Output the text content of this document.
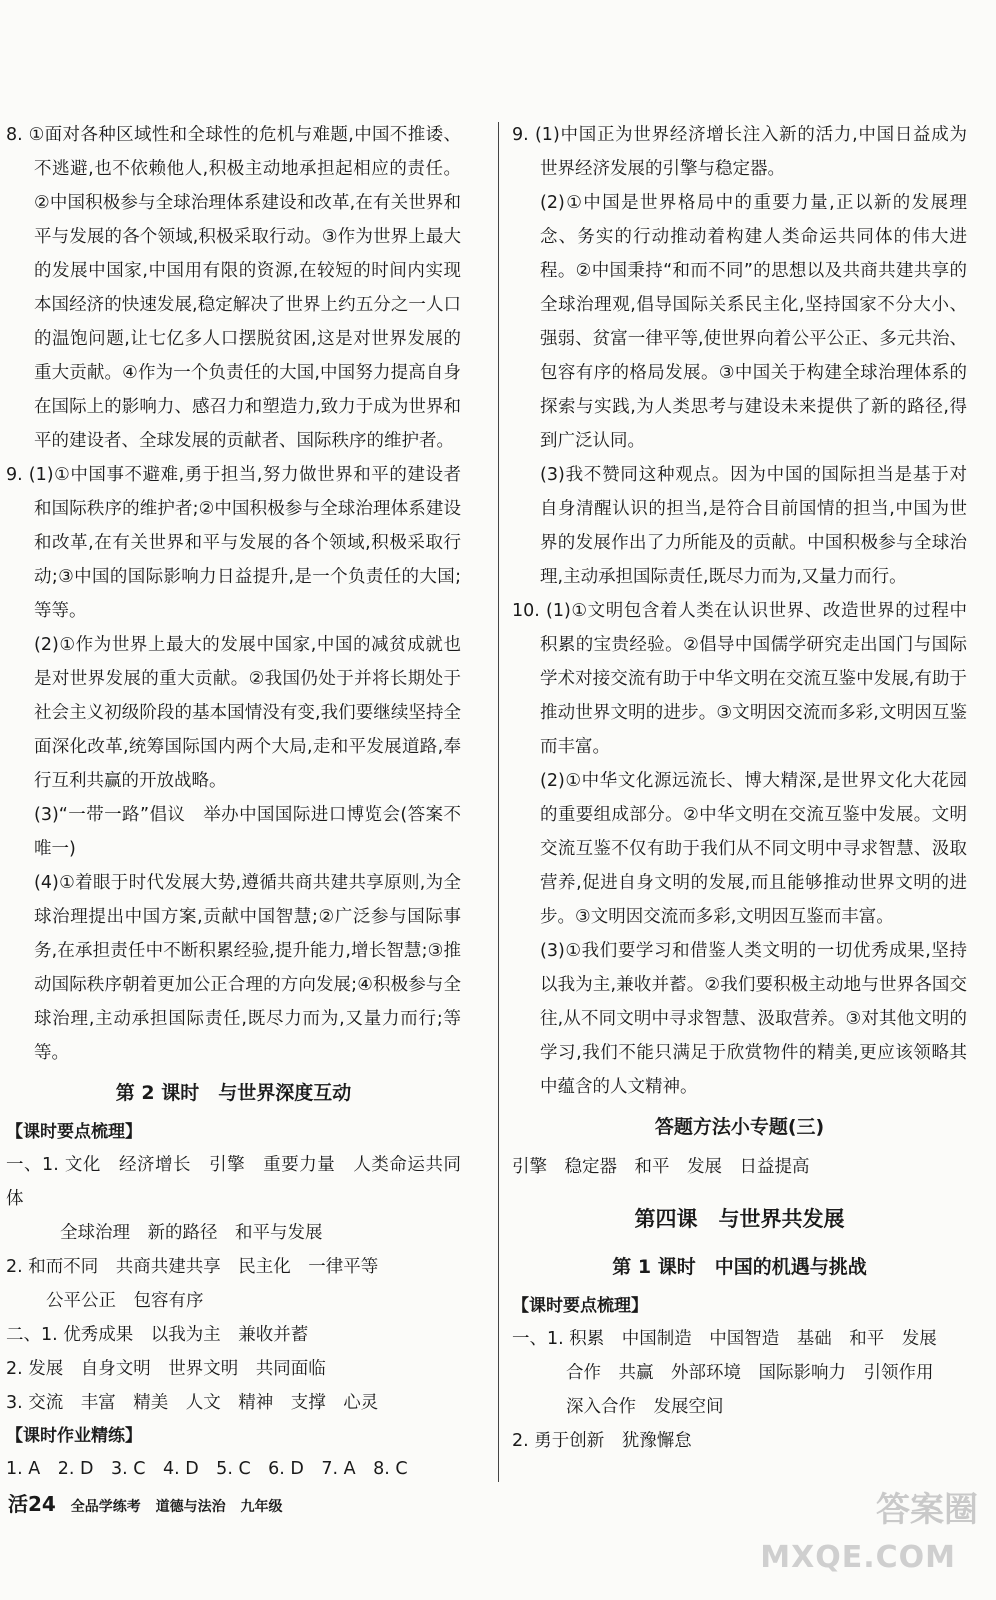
8. ①面对各种区域性和全球性的危机与难题,中国不推诿、不逃避,也不依赖他人,积极主动地承担起相应的责任。②中国积极参与全球治理体系建设和改革,在有关世界和平与发展的各个领域,积极采取行动。③作为世界上最大的发展中国家,中国用有限的资源,在较短的时间内实现本国经济的快速发展,稳定解决了世界上约五分之一人口的温饱问题,让七亿多人口摆脱贫困,这是对世界发展的重大贡献。④作为一个负责任的大国,中国努力提高自身在国际上的影响力、感召力和塑造力,致力于成为世界和平的建设者、全球发展的贡献者、国际秩序的维护者。

9. (1)①中国事不避难,勇于担当,努力做世界和平的建设者和国际秩序的维护者;②中国积极参与全球治理体系建设和改革,在有关世界和平与发展的各个领域,积极采取行动;③中国的国际影响力日益提升,是一个负责任的大国;等等。

(2)①作为世界上最大的发展中国家,中国的减贫成就也是对世界发展的重大贡献。②我国仍处于并将长期处于社会主义初级阶段的基本国情没有变,我们要继续坚持全面深化改革,统筹国际国内两个大局,走和平发展道路,奉行互利共赢的开放战略。

(3)“一带一路”倡议　举办中国国际进口博览会(答案不唯一)

(4)①着眼于时代发展大势,遵循共商共建共享原则,为全球治理提出中国方案,贡献中国智慧;②广泛参与国际事务,在承担责任中不断积累经验,提升能力,增长智慧;③推动国际秩序朝着更加公正合理的方向发展;④积极参与全球治理,主动承担国际责任,既尽力而为,又量力而行;等等。

第 2 课时　与世界深度互动
【课时要点梳理】

一、1. 文化　经济增长　引擎　重要力量　人类命运共同体

全球治理　新的路径　和平与发展

2. 和而不同　共商共建共享　民主化　一律平等

公平公正　包容有序

二、1. 优秀成果　以我为主　兼收并蓄

2. 发展　自身文明　世界文明　共同面临

3. 交流　丰富　精美　人文　精神　支撑　心灵

【课时作业精练】

1. A　2. D　3. C　4. D　5. C　6. D　7. A　8. C

9. (1)中国正为世界经济增长注入新的活力,中国日益成为世界经济发展的引擎与稳定器。

(2)①中国是世界格局中的重要力量,正以新的发展理念、务实的行动推动着构建人类命运共同体的伟大进程。②中国秉持“和而不同”的思想以及共商共建共享的全球治理观,倡导国际关系民主化,坚持国家不分大小、强弱、贫富一律平等,使世界向着公平公正、多元共治、包容有序的格局发展。③中国关于构建全球治理体系的探索与实践,为人类思考与建设未来提供了新的路径,得到广泛认同。

(3)我不赞同这种观点。因为中国的国际担当是基于对自身清醒认识的担当,是符合目前国情的担当,中国为世界的发展作出了力所能及的贡献。中国积极参与全球治理,主动承担国际责任,既尽力而为,又量力而行。

10. (1)①文明包含着人类在认识世界、改造世界的过程中积累的宝贵经验。②倡导中国儒学研究走出国门与国际学术对接交流有助于中华文明在交流互鉴中发展,有助于推动世界文明的进步。③文明因交流而多彩,文明因互鉴而丰富。

(2)①中华文化源远流长、博大精深,是世界文化大花园的重要组成部分。②中华文明在交流互鉴中发展。文明交流互鉴不仅有助于我们从不同文明中寻求智慧、汲取营养,促进自身文明的发展,而且能够推动世界文明的进步。③文明因交流而多彩,文明因互鉴而丰富。

(3)①我们要学习和借鉴人类文明的一切优秀成果,坚持以我为主,兼收并蓄。②我们要积极主动地与世界各国交往,从不同文明中寻求智慧、汲取营养。③对其他文明的学习,我们不能只满足于欣赏物件的精美,更应该领略其中蕴含的人文精神。

答题方法小专题(三)

引擎　稳定器　和平　发展　日益提高

第四课　与世界共发展
第 1 课时　中国的机遇与挑战
【课时要点梳理】

一、1. 积累　中国制造　中国智造　基础　和平　发展

合作　共赢　外部环境　国际影响力　引领作用

深入合作　发展空间

2. 勇于创新　犹豫懈怠

活24 全品学练考 道德与法治 九年级	答案圈
MXQE.COM
